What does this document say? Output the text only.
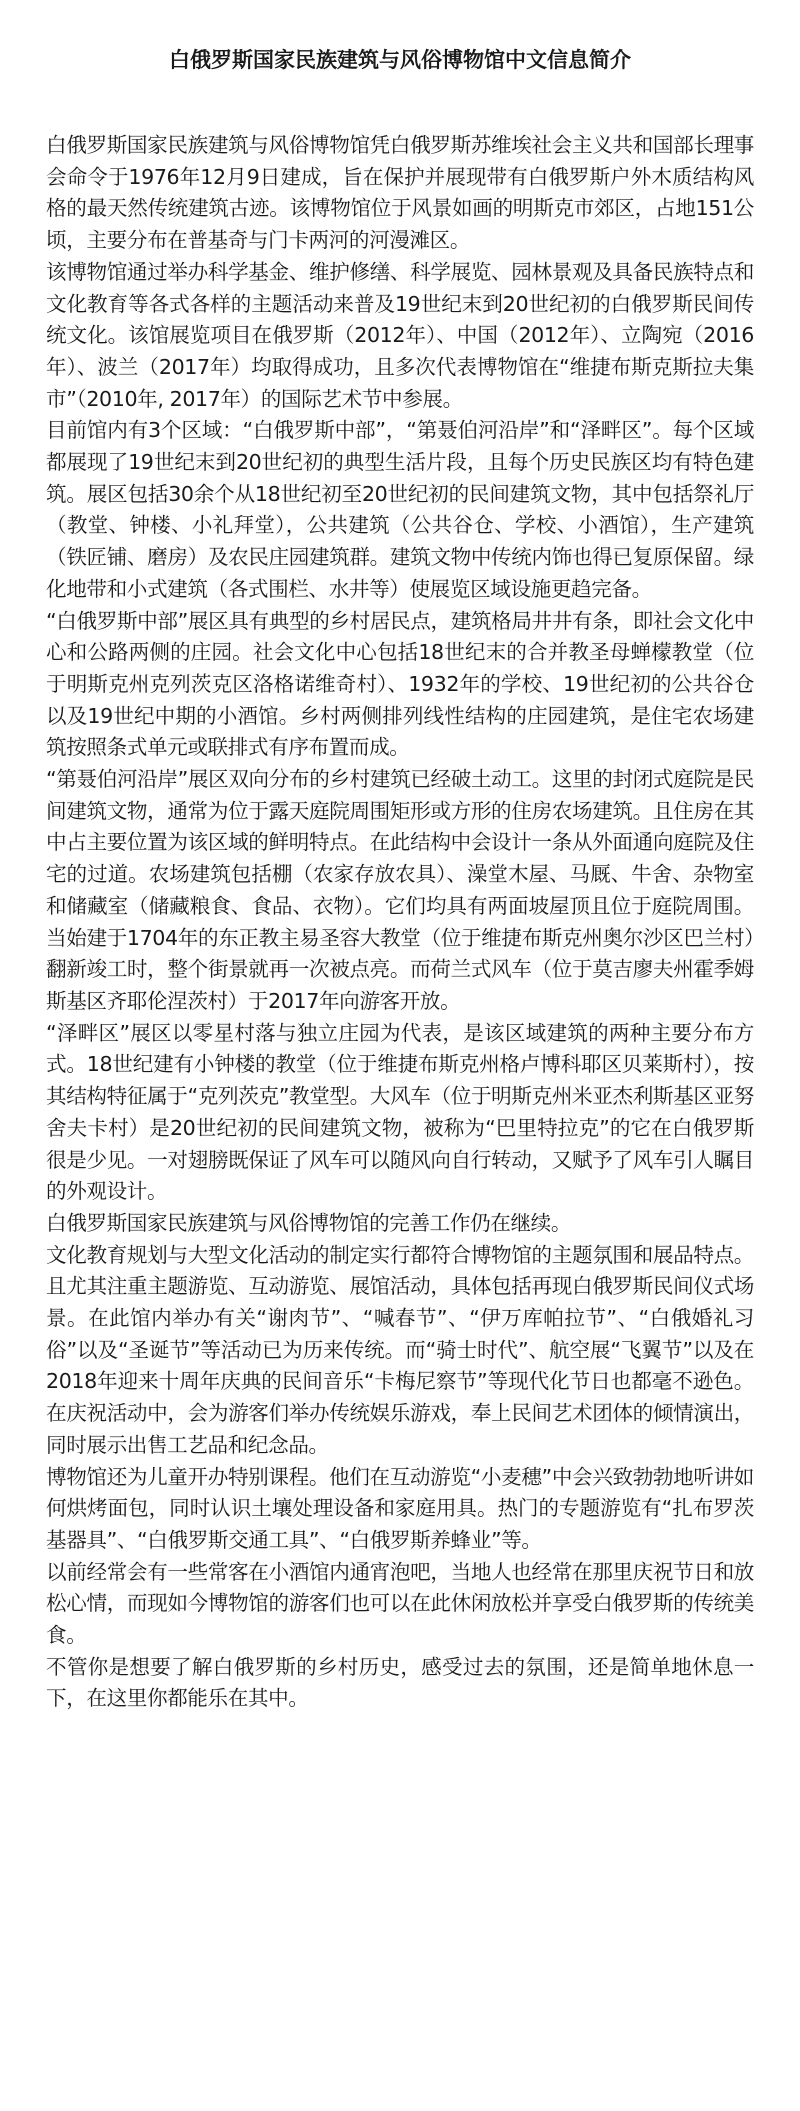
白俄罗斯国家民族建筑与风俗博物馆中文信息简介

白俄罗斯国家民族建筑与风俗博物馆凭白俄罗斯苏维埃社会主义共和国部长理事会命令于1976年12月9日建成，旨在保护并展现带有白俄罗斯户外木质结构风格的最天然传统建筑古迹。该博物馆位于风景如画的明斯克市郊区，占地151公顷，主要分布在普基奇与门卡两河的河漫滩区。

该博物馆通过举办科学基金、维护修缮、科学展览、园林景观及具备民族特点和文化教育等各式各样的主题活动来普及19世纪末到20世纪初的白俄罗斯民间传统文化。该馆展览项目在俄罗斯（2012年）、中国（2012年）、立陶宛（2016年）、波兰（2017年）均取得成功，且多次代表博物馆在“维捷布斯克斯拉夫集市”（2010年, 2017年）的国际艺术节中参展。

目前馆内有3个区域：“白俄罗斯中部”，“第聂伯河沿岸”和“泽畔区”。每个区域都展现了19世纪末到20世纪初的典型生活片段，且每个历史民族区均有特色建筑。展区包括30余个从18世纪初至20世纪初的民间建筑文物，其中包括祭礼厅（教堂、钟楼、小礼拜堂），公共建筑（公共谷仓、学校、小酒馆），生产建筑（铁匠铺、磨房）及农民庄园建筑群。建筑文物中传统内饰也得已复原保留。绿化地带和小式建筑（各式围栏、水井等）使展览区域设施更趋完备。

“白俄罗斯中部”展区具有典型的乡村居民点，建筑格局井井有条，即社会文化中心和公路两侧的庄园。社会文化中心包括18世纪末的合并教圣母蝉檬教堂（位于明斯克州克列茨克区洛格诺维奇村）、1932年的学校、19世纪初的公共谷仓以及19世纪中期的小酒馆。乡村两侧排列线性结构的庄园建筑，是住宅农场建筑按照条式单元或联排式有序布置而成。

“第聂伯河沿岸”展区双向分布的乡村建筑已经破土动工。这里的封闭式庭院是民间建筑文物，通常为位于露天庭院周围矩形或方形的住房农场建筑。且住房在其中占主要位置为该区域的鲜明特点。在此结构中会设计一条从外面通向庭院及住宅的过道。农场建筑包括棚（农家存放农具）、澡堂木屋、马厩、牛舍、杂物室和储藏室（储藏粮食、食品、衣物）。它们均具有两面坡屋顶且位于庭院周围。当始建于1704年的东正教主易圣容大教堂（位于维捷布斯克州奥尔沙区巴兰村）翻新竣工时，整个街景就再一次被点亮。而荷兰式风车（位于莫吉廖夫州霍季姆斯基区齐耶伦涅茨村）于2017年向游客开放。

“泽畔区”展区以零星村落与独立庄园为代表，是该区域建筑的两种主要分布方式。18世纪建有小钟楼的教堂（位于维捷布斯克州格卢博科耶区贝莱斯村），按其结构特征属于“克列茨克”教堂型。大风车（位于明斯克州米亚杰利斯基区亚努舍夫卡村）是20世纪初的民间建筑文物，被称为“巴里特拉克”的它在白俄罗斯很是少见。一对翅膀既保证了风车可以随风向自行转动，又赋予了风车引人瞩目的外观设计。

白俄罗斯国家民族建筑与风俗博物馆的完善工作仍在继续。

文化教育规划与大型文化活动的制定实行都符合博物馆的主题氛围和展品特点。且尤其注重主题游览、互动游览、展馆活动，具体包括再现白俄罗斯民间仪式场景。在此馆内举办有关“谢肉节”、“喊春节”、“伊万库帕拉节”、“白俄婚礼习俗”以及“圣诞节”等活动已为历来传统。而“骑士时代”、航空展“飞翼节”以及在2018年迎来十周年庆典的民间音乐“卡梅尼察节”等现代化节日也都毫不逊色。在庆祝活动中，会为游客们举办传统娱乐游戏，奉上民间艺术团体的倾情演出，同时展示出售工艺品和纪念品。

博物馆还为儿童开办特别课程。他们在互动游览“小麦穗”中会兴致勃勃地听讲如何烘烤面包，同时认识土壤处理设备和家庭用具。热门的专题游览有“扎布罗茨基器具”、“白俄罗斯交通工具”、“白俄罗斯养蜂业”等。

以前经常会有一些常客在小酒馆内通宵泡吧，当地人也经常在那里庆祝节日和放松心情，而现如今博物馆的游客们也可以在此休闲放松并享受白俄罗斯的传统美食。

不管你是想要了解白俄罗斯的乡村历史，感受过去的氛围，还是简单地休息一下，在这里你都能乐在其中。
